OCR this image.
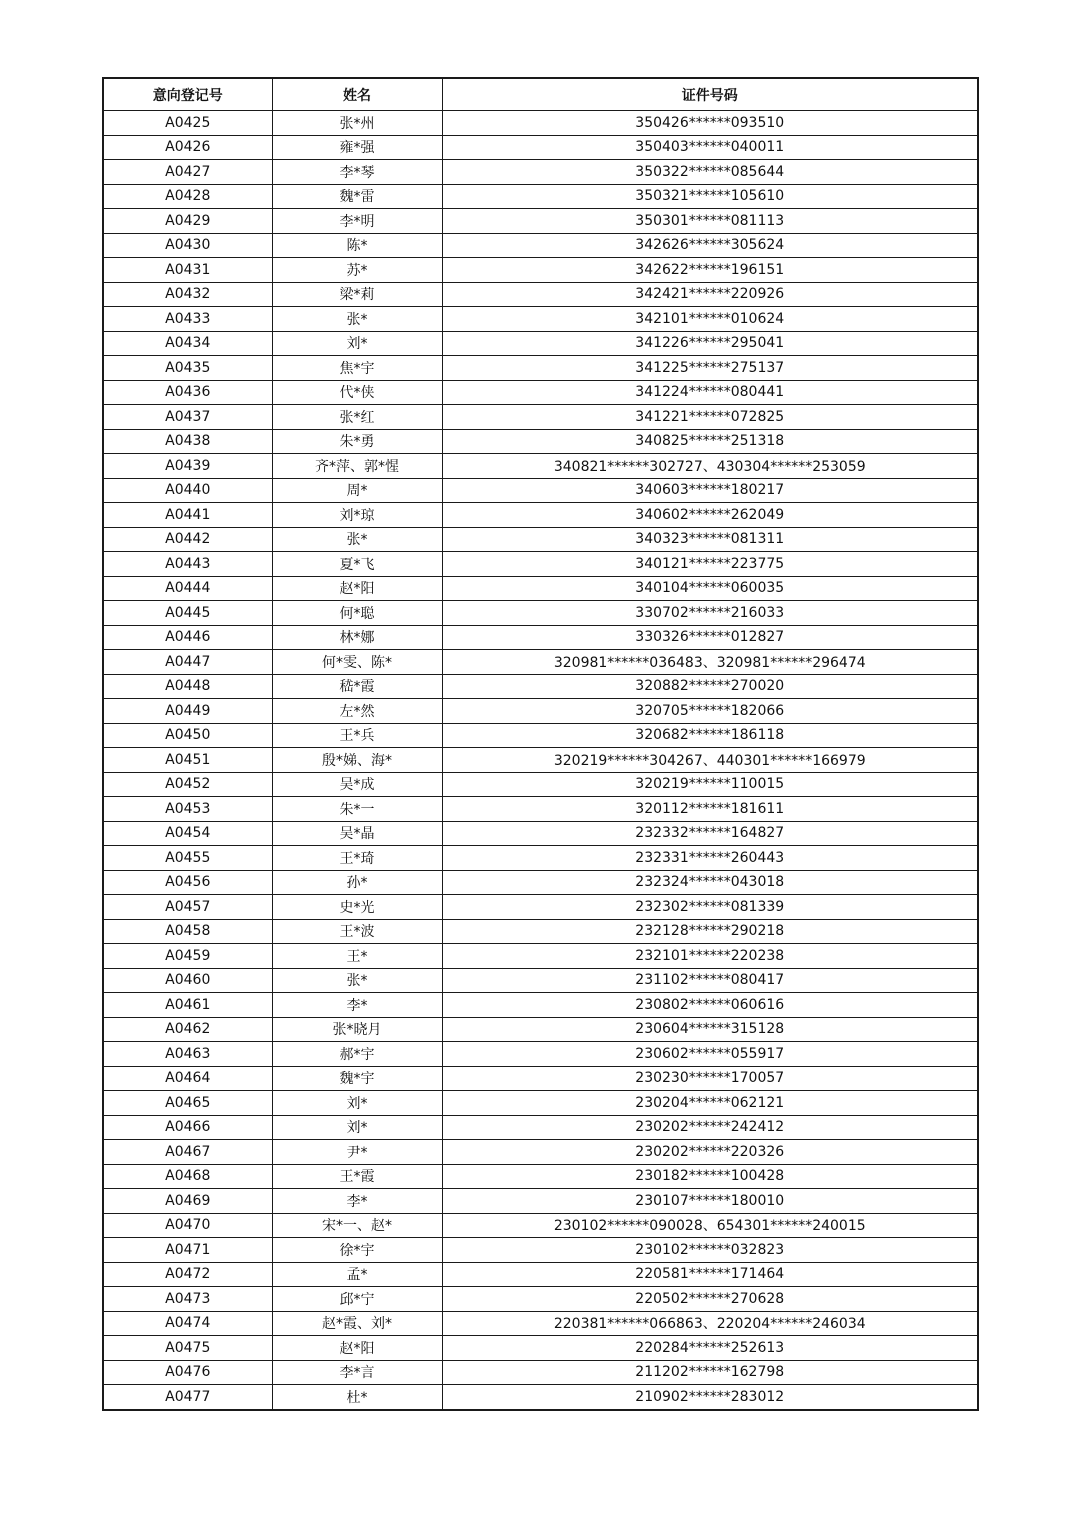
意向登记号	姓名	证件号码
A0425	张*州	350426******093510
A0426	雍*强	350403******040011
A0427	李*琴	350322******085644
A0428	魏*雷	350321******105610
A0429	李*明	350301******081113
A0430	陈*	342626******305624
A0431	苏*	342622******196151
A0432	梁*莉	342421******220926
A0433	张*	342101******010624
A0434	刘*	341226******295041
A0435	焦*宇	341225******275137
A0436	代*侠	341224******080441
A0437	张*红	341221******072825
A0438	朱*勇	340825******251318
A0439	齐*萍、郭*惺	340821******302727、430304******253059
A0440	周*	340603******180217
A0441	刘*琼	340602******262049
A0442	张*	340323******081311
A0443	夏*飞	340121******223775
A0444	赵*阳	340104******060035
A0445	何*聪	330702******216033
A0446	林*娜	330326******012827
A0447	何*雯、陈*	320981******036483、320981******296474
A0448	嵇*霞	320882******270020
A0449	左*然	320705******182066
A0450	王*兵	320682******186118
A0451	殷*娣、海*	320219******304267、440301******166979
A0452	吴*成	320219******110015
A0453	朱*一	320112******181611
A0454	吴*晶	232332******164827
A0455	王*琦	232331******260443
A0456	孙*	232324******043018
A0457	史*光	232302******081339
A0458	王*波	232128******290218
A0459	王*	232101******220238
A0460	张*	231102******080417
A0461	李*	230802******060616
A0462	张*晓月	230604******315128
A0463	郝*宇	230602******055917
A0464	魏*宇	230230******170057
A0465	刘*	230204******062121
A0466	刘*	230202******242412
A0467	尹*	230202******220326
A0468	王*霞	230182******100428
A0469	李*	230107******180010
A0470	宋*一、赵*	230102******090028、654301******240015
A0471	徐*宇	230102******032823
A0472	孟*	220581******171464
A0473	邱*宁	220502******270628
A0474	赵*霞、刘*	220381******066863、220204******246034
A0475	赵*阳	220284******252613
A0476	李*言	211202******162798
A0477	杜*	210902******283012
